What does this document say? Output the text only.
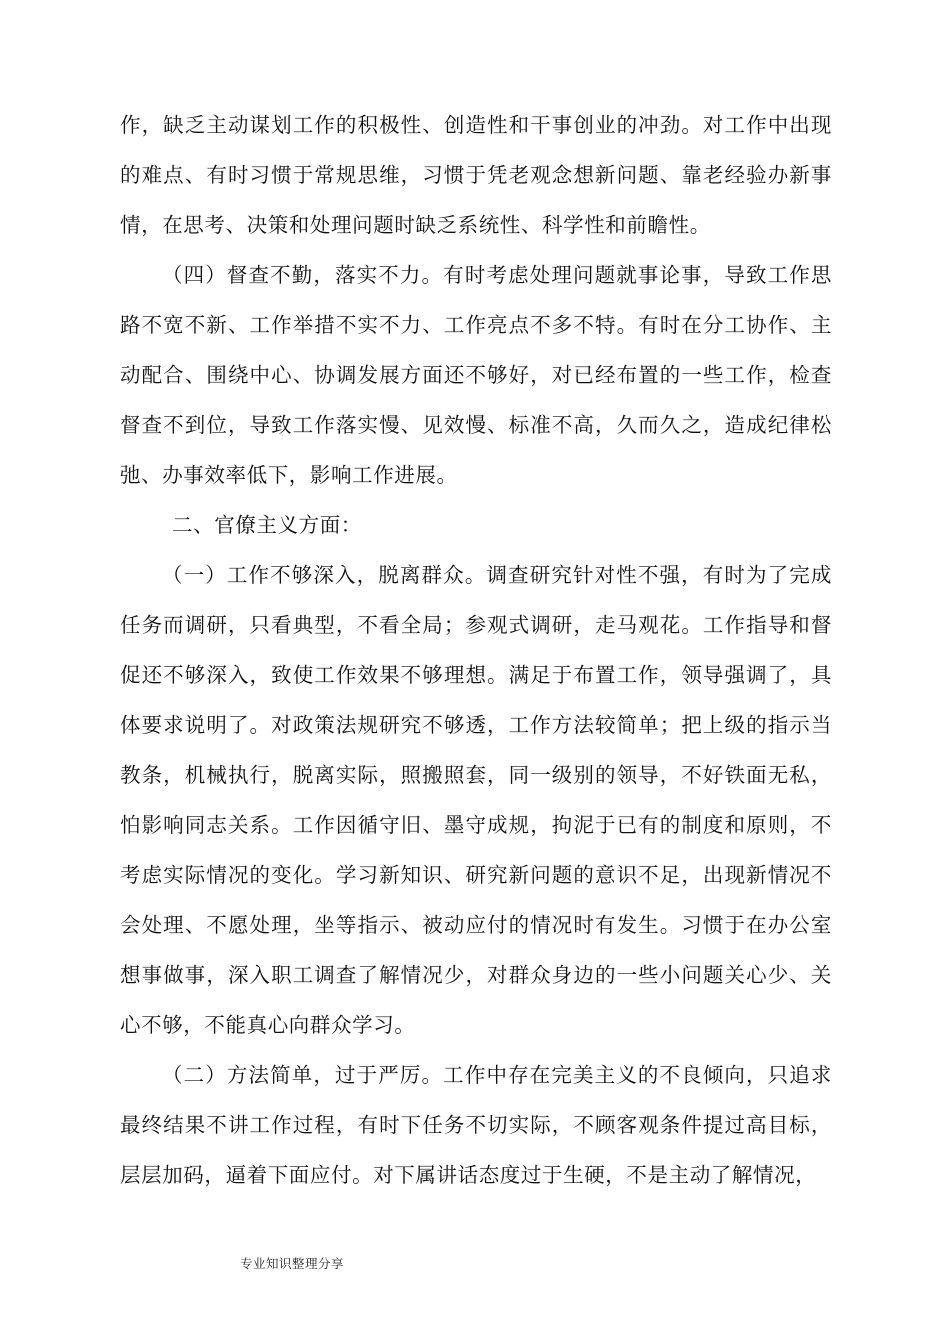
作，缺乏主动谋划工作的积极性、创造性和干事创业的冲劲。对工作中出现的难点、有时习惯于常规思维，习惯于凭老观念想新问题、靠老经验办新事情，在思考、决策和处理问题时缺乏系统性、科学性和前瞻性。

（四）督查不勤，落实不力。有时考虑处理问题就事论事，导致工作思路不宽不新、工作举措不实不力、工作亮点不多不特。有时在分工协作、主动配合、围绕中心、协调发展方面还不够好，对已经布置的一些工作，检查督查不到位，导致工作落实慢、见效慢、标准不高，久而久之，造成纪律松弛、办事效率低下，影响工作进展。

二、官僚主义方面：

（一）工作不够深入，脱离群众。调查研究针对性不强，有时为了完成任务而调研，只看典型，不看全局；参观式调研，走马观花。工作指导和督促还不够深入，致使工作效果不够理想。满足于布置工作，领导强调了，具体要求说明了。对政策法规研究不够透，工作方法较简单；把上级的指示当教条，机械执行，脱离实际，照搬照套，同一级别的领导，不好铁面无私，怕影响同志关系。工作因循守旧、墨守成规，拘泥于已有的制度和原则，不考虑实际情况的变化。学习新知识、研究新问题的意识不足，出现新情况不会处理、不愿处理，坐等指示、被动应付的情况时有发生。习惯于在办公室想事做事，深入职工调查了解情况少，对群众身边的一些小问题关心少、关心不够，不能真心向群众学习。

（二）方法简单，过于严厉。工作中存在完美主义的不良倾向，只追求最终结果不讲工作过程，有时下任务不切实际，不顾客观条件提过高目标，层层加码，逼着下面应付。对下属讲话态度过于生硬，不是主动了解情况，

专业知识整理分享
